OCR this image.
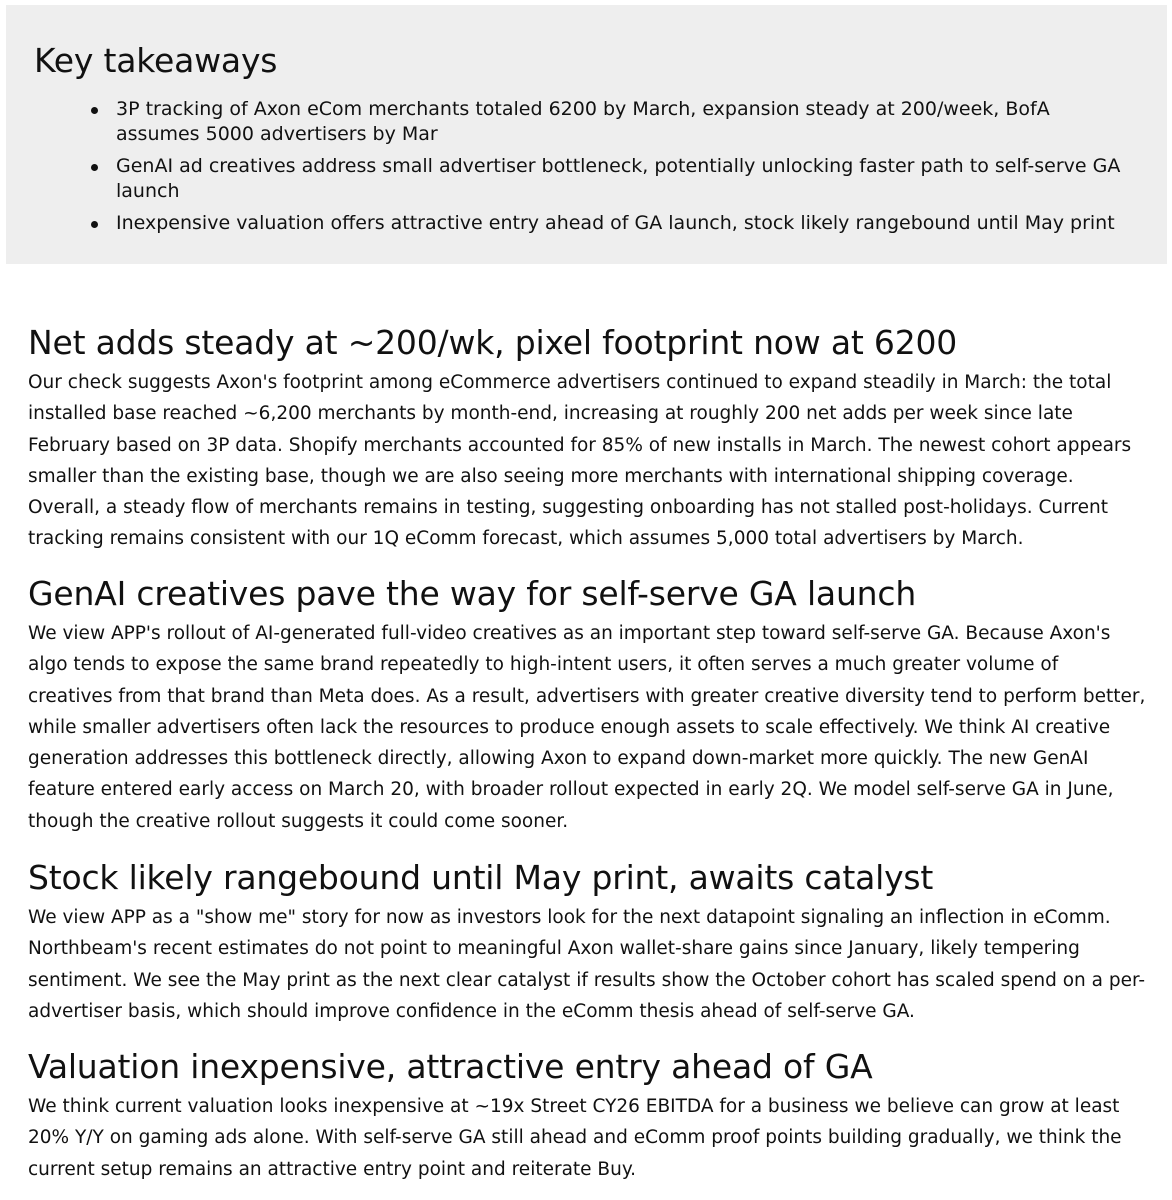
Key takeaways
3P tracking of Axon eCom merchants totaled 6200 by March, expansion steady at 200/week, BofA assumes 5000 advertisers by Mar
GenAI ad creatives address small advertiser bottleneck, potentially unlocking faster path to self-serve GA launch
Inexpensive valuation offers attractive entry ahead of GA launch, stock likely rangebound until May print
Net adds steady at ~200/wk, pixel footprint now at 6200

Our check suggests Axon's footprint among eCommerce advertisers continued to expand steadily in March: the total installed base reached ~6,200 merchants by month-end, increasing at roughly 200 net adds per week since late February based on 3P data. Shopify merchants accounted for 85% of new installs in March. The newest cohort appears smaller than the existing base, though we are also seeing more merchants with international shipping coverage. Overall, a steady flow of merchants remains in testing, suggesting onboarding has not stalled post-holidays. Current tracking remains consistent with our 1Q eComm forecast, which assumes 5,000 total advertisers by March.

GenAI creatives pave the way for self-serve GA launch

We view APP's rollout of AI-generated full-video creatives as an important step toward self-serve GA. Because Axon's algo tends to expose the same brand repeatedly to high-intent users, it often serves a much greater volume of creatives from that brand than Meta does. As a result, advertisers with greater creative diversity tend to perform better, while smaller advertisers often lack the resources to produce enough assets to scale effectively. We think AI creative generation addresses this bottleneck directly, allowing Axon to expand down-market more quickly. The new GenAI feature entered early access on March 20, with broader rollout expected in early 2Q. We model self-serve GA in June, though the creative rollout suggests it could come sooner.

Stock likely rangebound until May print, awaits catalyst

We view APP as a "show me" story for now as investors look for the next datapoint signaling an inflection in eComm. Northbeam's recent estimates do not point to meaningful Axon wallet-share gains since January, likely tempering sentiment. We see the May print as the next clear catalyst if results show the October cohort has scaled spend on a per-advertiser basis, which should improve confidence in the eComm thesis ahead of self-serve GA.

Valuation inexpensive, attractive entry ahead of GA

We think current valuation looks inexpensive at ~19x Street CY26 EBITDA for a business we believe can grow at least 20% Y/Y on gaming ads alone. With self-serve GA still ahead and eComm proof points building gradually, we think the current setup remains an attractive entry point and reiterate Buy.
